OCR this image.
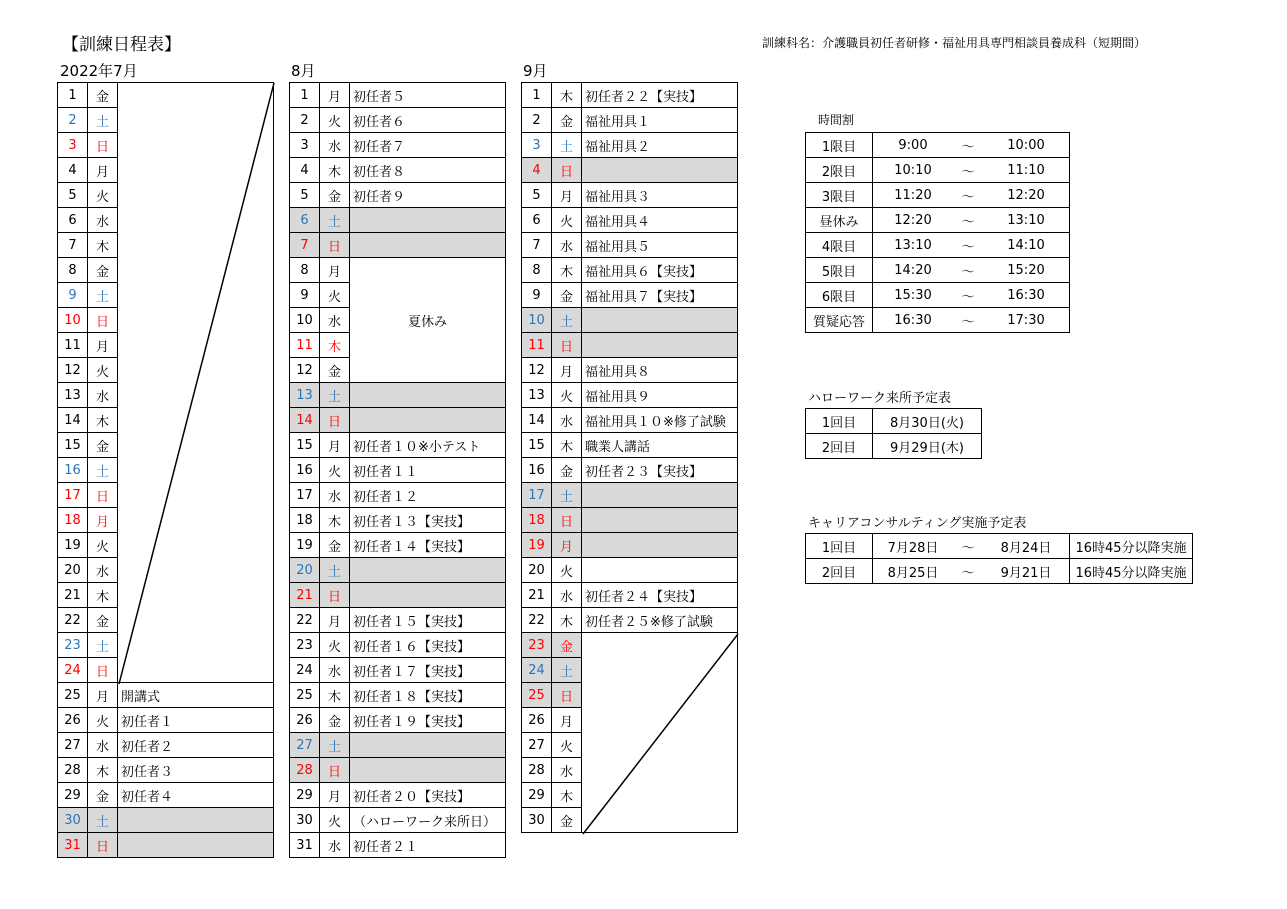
【訓練日程表】	訓練科名：介護職員初任者研修・福祉用具専門相談員養成科（短期間）
2022年7月	8月	9月
1	金	
2	土	
3	日	
4	月	
5	火	
6	水	
7	木	
8	金	
9	土	
10	日	
11	月	
12	火	
13	水	
14	木	
15	金	
16	土	
17	日	
18	月	
19	火	
20	水	
21	木	
22	金	
23	土	
24	日	
25	月	開講式
26	火	初任者１
27	水	初任者２
28	木	初任者３
29	金	初任者４
30	土	
31	日	
1	月	初任者５
2	火	初任者６
3	水	初任者７
4	木	初任者８
5	金	初任者９
6	土	
7	日	
8	月	夏休み
9	火	
10	水	
11	木	
12	金	
13	土	
14	日	
15	月	初任者１０※小テスト
16	火	初任者１１
17	水	初任者１２
18	木	初任者１３【実技】
19	金	初任者１４【実技】
20	土	
21	日	
22	月	初任者１５【実技】
23	火	初任者１６【実技】
24	水	初任者１７【実技】
25	木	初任者１８【実技】
26	金	初任者１９【実技】
27	土	
28	日	
29	月	初任者２０【実技】
30	火	（ハローワーク来所日）
31	水	初任者２１
1	木	初任者２２【実技】
2	金	福祉用具１
3	土	福祉用具２
4	日	
5	月	福祉用具３
6	火	福祉用具４
7	水	福祉用具５
8	木	福祉用具６【実技】
9	金	福祉用具７【実技】
10	土	
11	日	
12	月	福祉用具８
13	火	福祉用具９
14	水	福祉用具１０※修了試験
15	木	職業人講話
16	金	初任者２３【実技】
17	土	
18	日	
19	月	
20	火	
21	水	初任者２４【実技】
22	木	初任者２５※修了試験
23	金	
24	土	
25	日	
26	月	
27	火	
28	水	
29	木	
30	金	
時間割
1限目	9:00	～	10:00
2限目	10:10	～	11:10
3限目	11:20	～	12:20
昼休み	12:20	～	13:10
4限目	13:10	～	14:10
5限目	14:20	～	15:20
6限目	15:30	～	16:30
質疑応答	16:30	～	17:30
ハローワーク来所予定表
1回目	8月30日(火)
2回目	9月29日(木)
キャリアコンサルティング実施予定表
1回目	7月28日	～	8月24日	16時45分以降実施
2回目	8月25日	～	9月21日	16時45分以降実施
